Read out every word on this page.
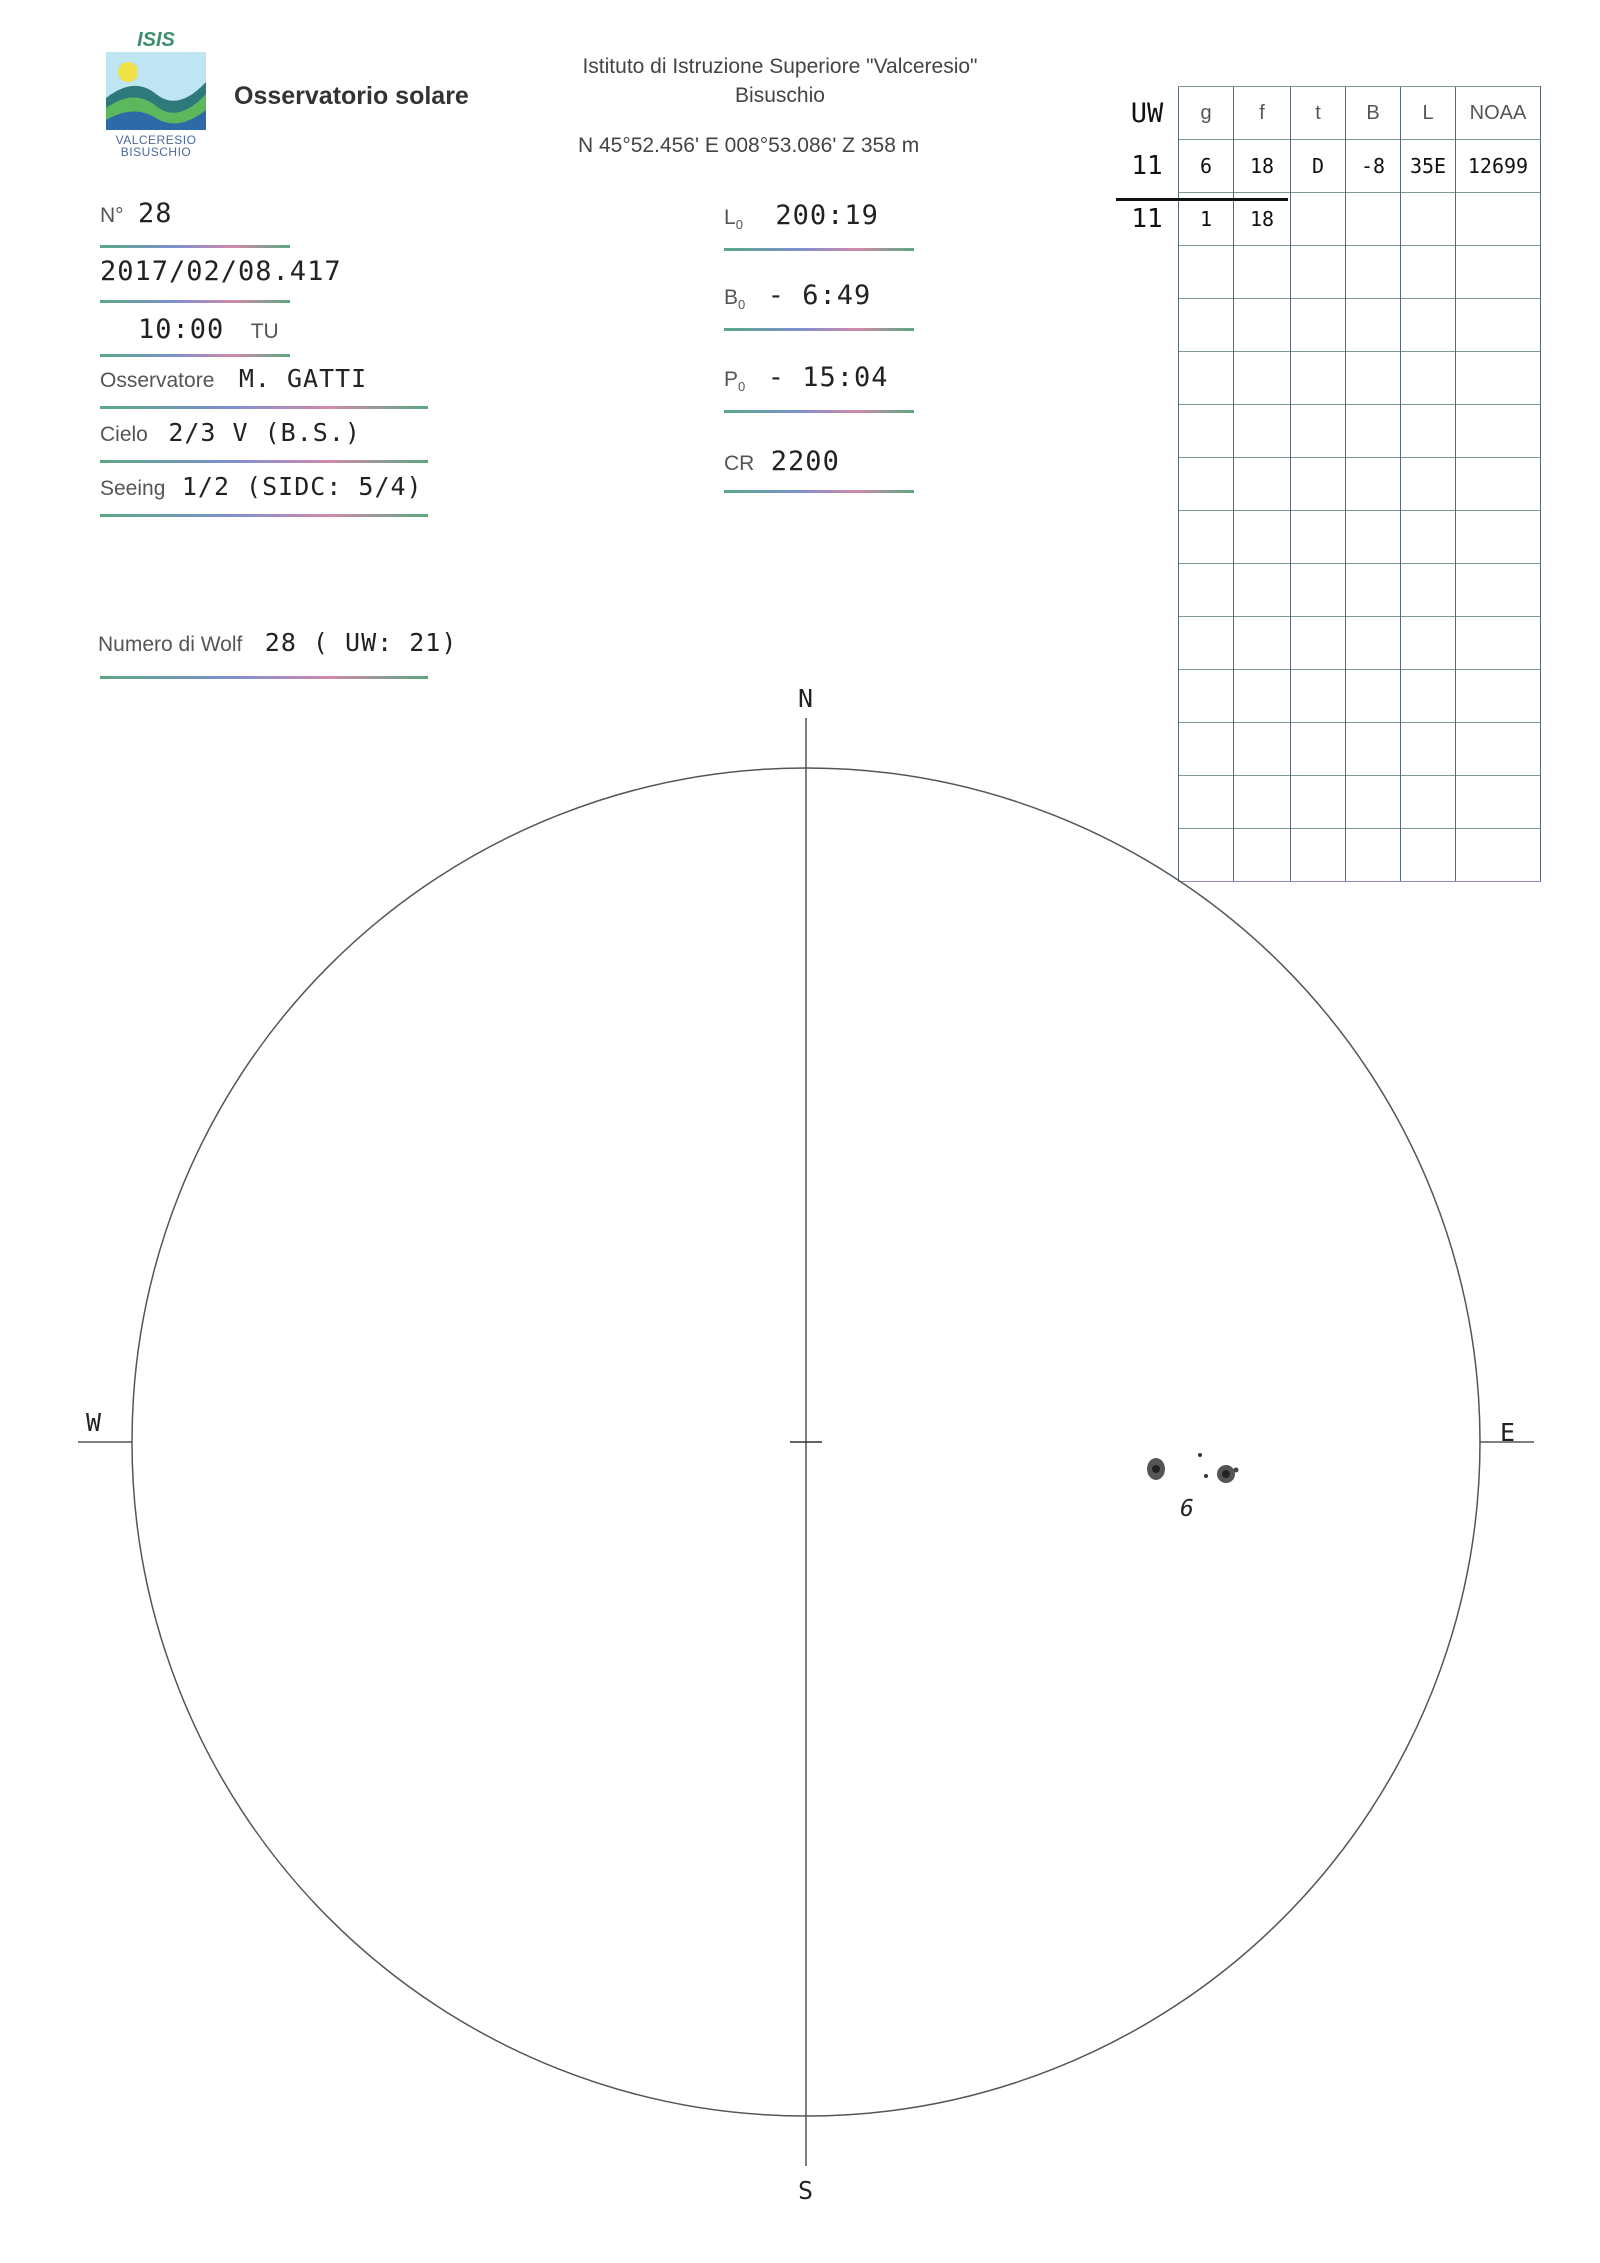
ISIS
VALCERESIO
BISUSCHIO
Osservatorio solare
Istituto di Istruzione Superiore "Valceresio"
Bisuschio
N 45°52.456' E 008°53.086' Z 358 m
N° 28
2017/02/08.417
10:00 TU
Osservatore M. GATTI
Cielo 2/3 V (B.S.)
Seeing 1/2 (SIDC: 5/4)
Numero di Wolf 28 ( UW: 21)
$L_0$ 200:19
$B_0$ - 6:49
$P_0$ - 15:04
CR 2200
UW	g	f	t	B	L	NOAA
11	6	18	D	-8	35E	12699
11	1	18				

N
S
W	E
6
